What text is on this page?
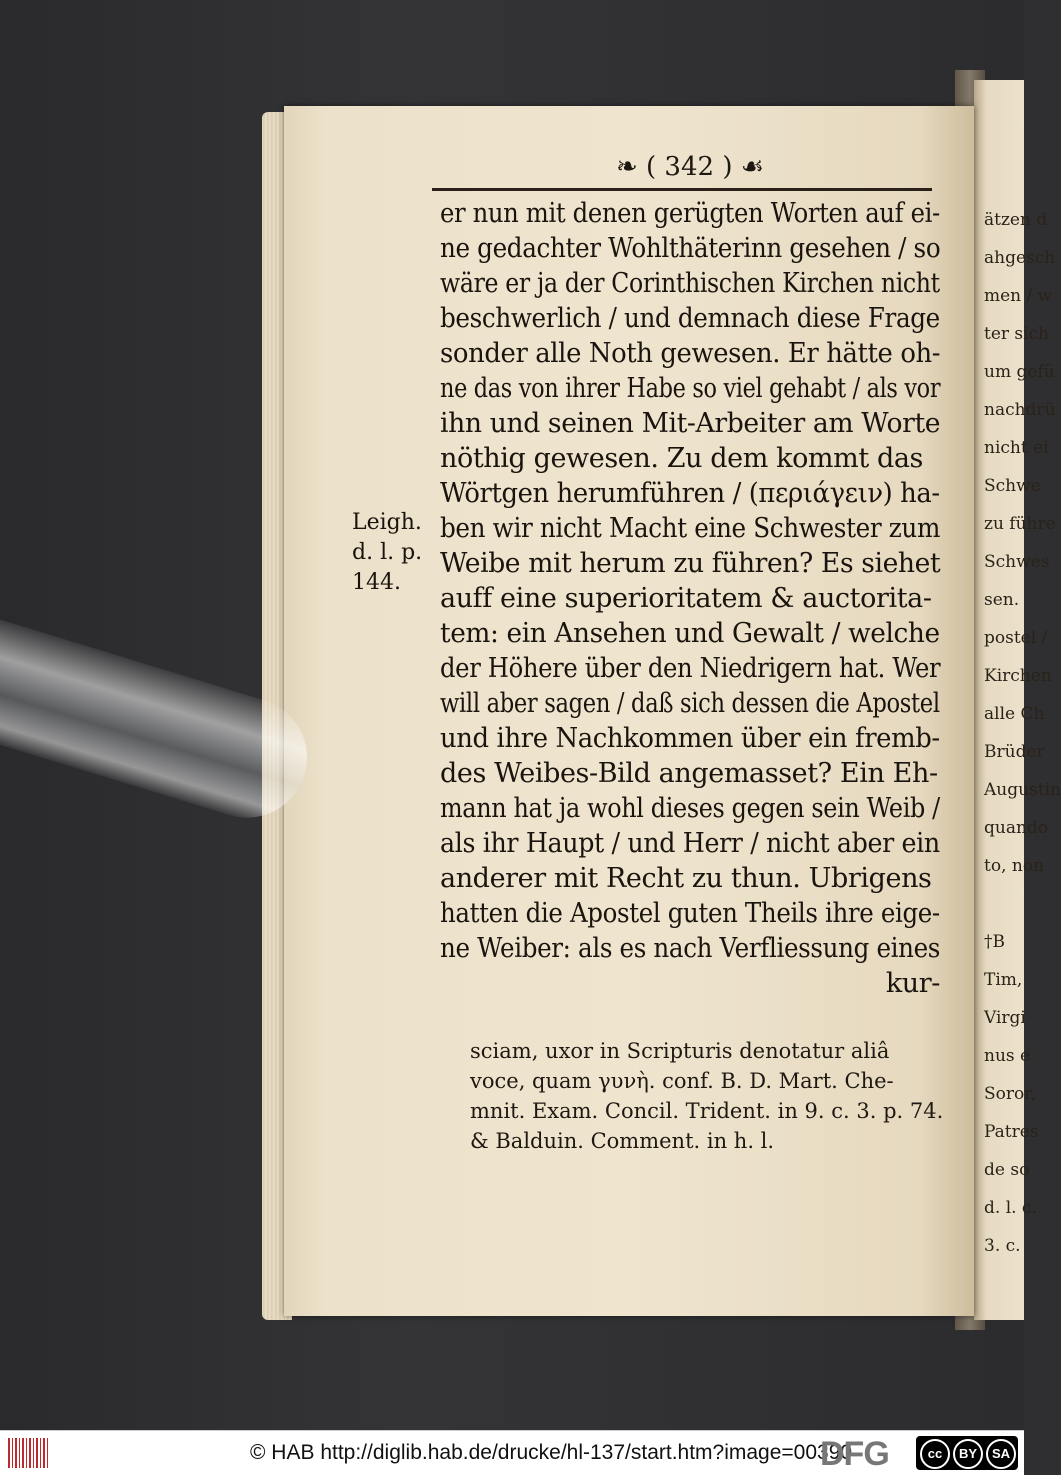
ätzen d
ahgesch
men / w
ter sich
um gefü
nachdrü
nicht ei
Schwe
zu führe
Schwes
sen.
postel /
Kirchen
alle Ch
Brüder
Augustin
quando
to, non
†B
Tim,
Virgi
nus e
Soror,
Patres
de so
d. l. c.
3. c.
❧ ( 342 ) ☙
Leigh.
d. l. p.
144.
er nun mit denen gerügten Worten auf ei-
ne gedachter Wohlthäterinn gesehen / so
wäre er ja der Corinthischen Kirchen nicht
beschwerlich / und demnach diese Frage
sonder alle Noth gewesen. Er hätte oh-
ne das von ihrer Habe so viel gehabt / als vor
ihn und seinen Mit-Arbeiter am Worte
nöthig gewesen. Zu dem kommt das
Wörtgen herumführen / (περιάγειν) ha-
ben wir nicht Macht eine Schwester zum
Weibe mit herum zu führen? Es siehet
auff eine superioritatem & auctorita-
tem: ein Ansehen und Gewalt / welche
der Höhere über den Niedrigern hat. Wer
will aber sagen / daß sich dessen die Apostel
und ihre Nachkommen über ein fremb-
des Weibes-Bild angemasset? Ein Eh-
mann hat ja wohl dieses gegen sein Weib /
als ihr Haupt / und Herr / nicht aber ein
anderer mit Recht zu thun. Ubrigens
hatten die Apostel guten Theils ihre eige-
ne Weiber: als es nach Verfliessung eines
kur-
sciam, uxor in Scripturis denotatur aliâ
voce, quam γυνὴ. conf. B. D. Mart. Che-
mnit. Exam. Concil. Trident. in 9. c. 3. p. 74.
& Balduin. Comment. in h. l.
© HAB http://diglib.hab.de/drucke/hl-137/start.htm?image=00390
DFG	cc	BY	SA
